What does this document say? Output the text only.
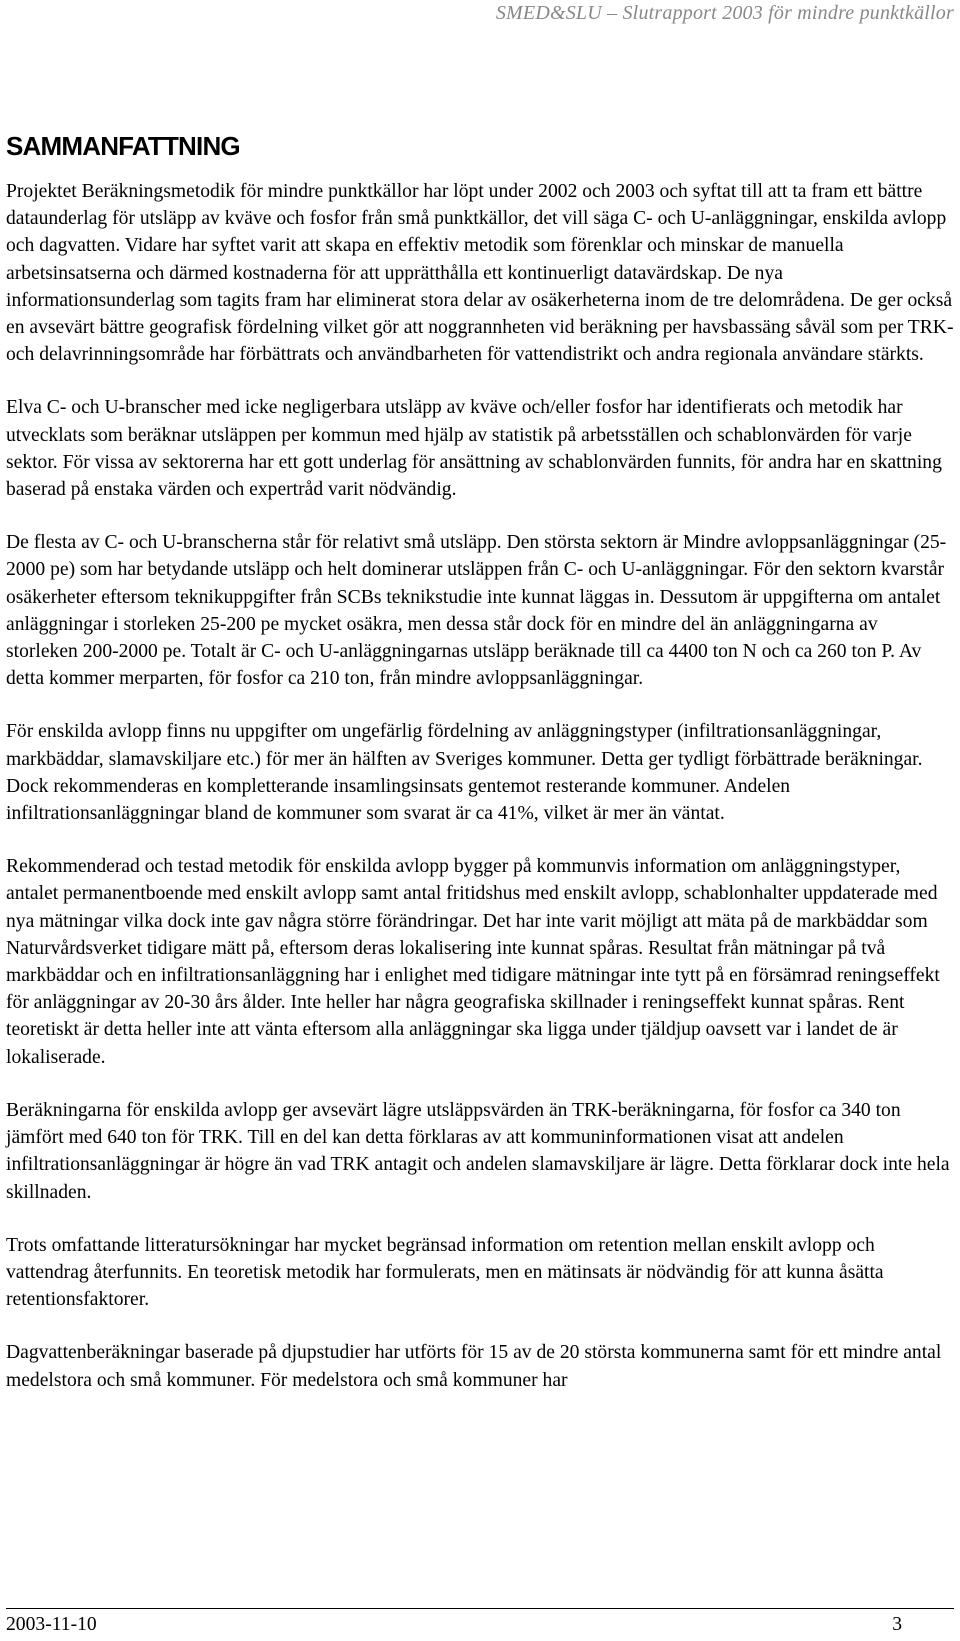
SMED&SLU – Slutrapport 2003 för mindre punktkällor
SAMMANFATTNING

Projektet Beräkningsmetodik för mindre punktkällor har löpt under 2002 och 2003 och syftat till att ta fram ett bättre dataunderlag för utsläpp av kväve och fosfor från små punktkällor, det vill säga C- och U-anläggningar, enskilda avlopp och dagvatten. Vidare har syftet varit att skapa en effektiv metodik som förenklar och minskar de manuella arbetsinsatserna och därmed kostnaderna för att upprätthålla ett kontinuerligt datavärdskap. De nya informationsunderlag som tagits fram har eliminerat stora delar av osäkerheterna inom de tre delområdena. De ger också en avsevärt bättre geografisk fördelning vilket gör att noggrannheten vid beräkning per havsbassäng såväl som per TRK- och delavrinningsområde har förbättrats och användbarheten för vattendistrikt och andra regionala användare stärkts.

Elva C- och U-branscher med icke negligerbara utsläpp av kväve och/eller fosfor har identifierats och metodik har utvecklats som beräknar utsläppen per kommun med hjälp av statistik på arbetsställen och schablonvärden för varje sektor. För vissa av sektorerna har ett gott underlag för ansättning av schablonvärden funnits, för andra har en skattning baserad på enstaka värden och expertråd varit nödvändig.

De flesta av C- och U-branscherna står för relativt små utsläpp. Den största sektorn är Mindre avloppsanläggningar (25-2000 pe) som har betydande utsläpp och helt dominerar utsläppen från C- och U-anläggningar. För den sektorn kvarstår osäkerheter eftersom teknikuppgifter från SCBs teknikstudie inte kunnat läggas in. Dessutom är uppgifterna om antalet anläggningar i storleken 25-200 pe mycket osäkra, men dessa står dock för en mindre del än anläggningarna av storleken 200-2000 pe. Totalt är C- och U-anläggningarnas utsläpp beräknade till ca 4400 ton N och ca 260 ton P. Av detta kommer merparten, för fosfor ca 210 ton, från mindre avloppsanläggningar.

För enskilda avlopp finns nu uppgifter om ungefärlig fördelning av anläggningstyper (infiltrationsanläggningar, markbäddar, slamavskiljare etc.) för mer än hälften av Sveriges kommuner. Detta ger tydligt förbättrade beräkningar. Dock rekommenderas en kompletterande insamlingsinsats gentemot resterande kommuner. Andelen infiltrationsanläggningar bland de kommuner som svarat är ca 41%, vilket är mer än väntat.

Rekommenderad och testad metodik för enskilda avlopp bygger på kommunvis information om anläggningstyper, antalet permanentboende med enskilt avlopp samt antal fritidshus med enskilt avlopp, schablonhalter uppdaterade med nya mätningar vilka dock inte gav några större förändringar. Det har inte varit möjligt att mäta på de markbäddar som Naturvårdsverket tidigare mätt på, eftersom deras lokalisering inte kunnat spåras. Resultat från mätningar på två markbäddar och en infiltrationsanläggning har i enlighet med tidigare mätningar inte tytt på en försämrad reningseffekt för anläggningar av 20-30 års ålder. Inte heller har några geografiska skillnader i reningseffekt kunnat spåras. Rent teoretiskt är detta heller inte att vänta eftersom alla anläggningar ska ligga under tjäldjup oavsett var i landet de är lokaliserade.

Beräkningarna för enskilda avlopp ger avsevärt lägre utsläppsvärden än TRK-beräkningarna, för fosfor ca 340 ton jämfört med 640 ton för TRK. Till en del kan detta förklaras av att kommuninformationen visat att andelen infiltrationsanläggningar är högre än vad TRK antagit och andelen slamavskiljare är lägre. Detta förklarar dock inte hela skillnaden.

Trots omfattande litteratursökningar har mycket begränsad information om retention mellan enskilt avlopp och vattendrag återfunnits. En teoretisk metodik har formulerats, men en mätinsats är nödvändig för att kunna åsätta retentionsfaktorer.

Dagvattenberäkningar baserade på djupstudier har utförts för 15 av de 20 största kommunerna samt för ett mindre antal medelstora och små kommuner. För medelstora och små kommuner har

2003-11-10	3
